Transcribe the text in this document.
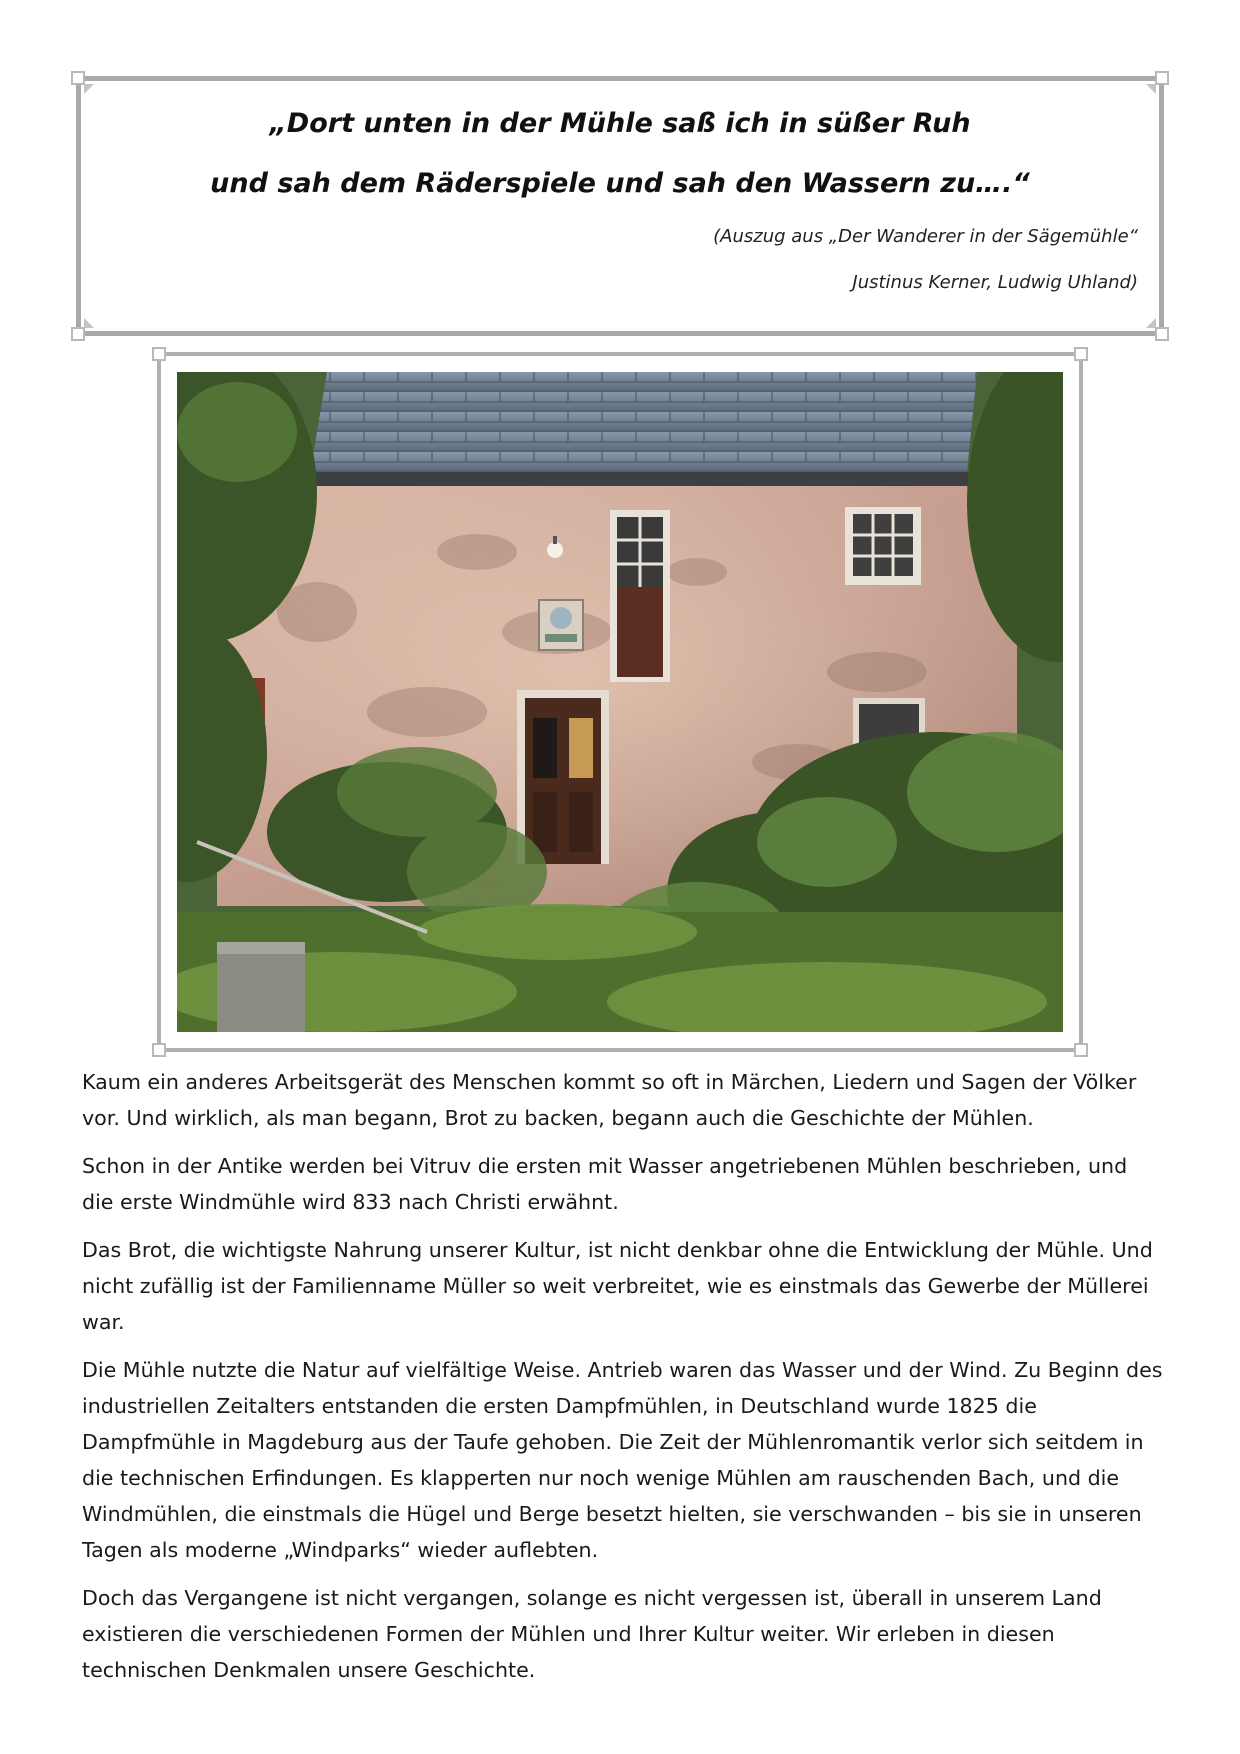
„Dort unten in der Mühle saß ich in süßer Ruh
und sah dem Räderspiele und sah den Wassern zu….“
(Auszug aus „Der Wanderer in der Sägemühle“
Justinus Kerner, Ludwig Uhland)

Kaum ein anderes Arbeitsgerät des Menschen kommt so oft in Märchen, Liedern und Sagen der Völker vor. Und wirklich, als man begann, Brot zu backen, begann auch die Geschichte der Mühlen.

Schon in der Antike werden bei Vitruv die ersten mit Wasser angetriebenen Mühlen beschrieben, und die erste Windmühle wird 833 nach Christi erwähnt.

Das Brot, die wichtigste Nahrung unserer Kultur, ist nicht denkbar ohne die Entwicklung der Mühle. Und nicht zufällig ist der Familienname Müller so weit verbreitet, wie es einstmals das Gewerbe der Müllerei war.

Die Mühle nutzte die Natur auf vielfältige Weise. Antrieb waren das Wasser und der Wind. Zu Beginn des industriellen Zeitalters entstanden die ersten Dampfmühlen, in Deutschland wurde 1825 die Dampfmühle in Magdeburg aus der Taufe gehoben. Die Zeit der Mühlenromantik verlor sich seitdem in die technischen Erfindungen. Es klapperten nur noch wenige Mühlen am rauschenden Bach, und die Windmühlen, die einstmals die Hügel und Berge besetzt hielten, sie verschwanden – bis sie in unseren Tagen als moderne „Windparks“ wieder auflebten.

Doch das Vergangene ist nicht vergangen, solange es nicht vergessen ist, überall in unserem Land existieren die verschiedenen Formen der Mühlen und Ihrer Kultur weiter. Wir erleben in diesen technischen Denkmalen unsere Geschichte.
